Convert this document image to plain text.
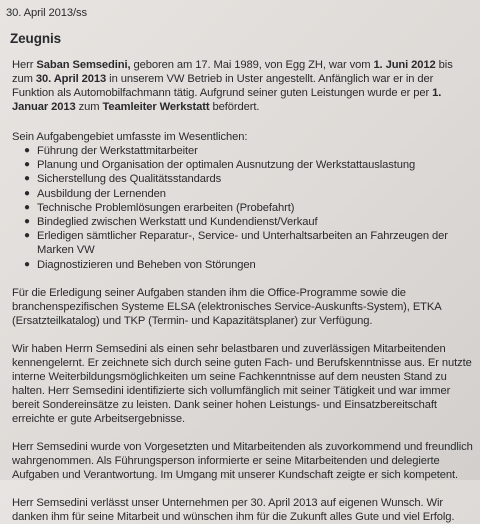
30. April 2013/ss
Zeugnis

Herr Saban Semsedini, geboren am 17. Mai 1989, von Egg ZH, war vom 1. Juni 2012 bis zum 30. April 2013 in unserem VW Betrieb in Uster angestellt. Anfänglich war er in der Funktion als Automobilfachmann tätig. Aufgrund seiner guten Leistungen wurde er per 1. Januar 2013 zum Teamleiter Werkstatt befördert.

Sein Aufgabengebiet umfasste im Wesentlichen:
● Führung der Werkstattmitarbeiter
● Planung und Organisation der optimalen Ausnutzung der Werkstattauslastung
● Sicherstellung des Qualitätsstandards
● Ausbildung der Lernenden
● Technische Problemlösungen erarbeiten (Probefahrt)
● Bindeglied zwischen Werkstatt und Kundendienst/Verkauf
● Erledigen sämtlicher Reparatur-, Service- und Unterhaltsarbeiten an Fahrzeugen der Marken VW
● Diagnostizieren und Beheben von Störungen

Für die Erledigung seiner Aufgaben standen ihm die Office-Programme sowie die branchenspezifischen Systeme ELSA (elektronisches Service-Auskunfts-System), ETKA (Ersatzteilkatalog) und TKP (Termin- und Kapazitätsplaner) zur Verfügung.

Wir haben Herrn Semsedini als einen sehr belastbaren und zuverlässigen Mitarbeitenden kennengelernt. Er zeichnete sich durch seine guten Fach- und Berufskenntnisse aus. Er nutzte interne Weiterbildungsmöglichkeiten um seine Fachkenntnisse auf dem neusten Stand zu halten. Herr Semsedini identifizierte sich vollumfänglich mit seiner Tätigkeit und war immer bereit Sondereinsätze zu leisten. Dank seiner hohen Leistungs- und Einsatzbereitschaft erreichte er gute Arbeitsergebnisse.

Herr Semsedini wurde von Vorgesetzten und Mitarbeitenden als zuvorkommend und freundlich wahrgenommen. Als Führungsperson informierte er seine Mitarbeitenden und delegierte Aufgaben und Verantwortung. Im Umgang mit unserer Kundschaft zeigte er sich kompetent.

Herr Semsedini verlässt unser Unternehmen per 30. April 2013 auf eigenen Wunsch. Wir danken ihm für seine Mitarbeit und wünschen ihm für die Zukunft alles Gute und viel Erfolg.
